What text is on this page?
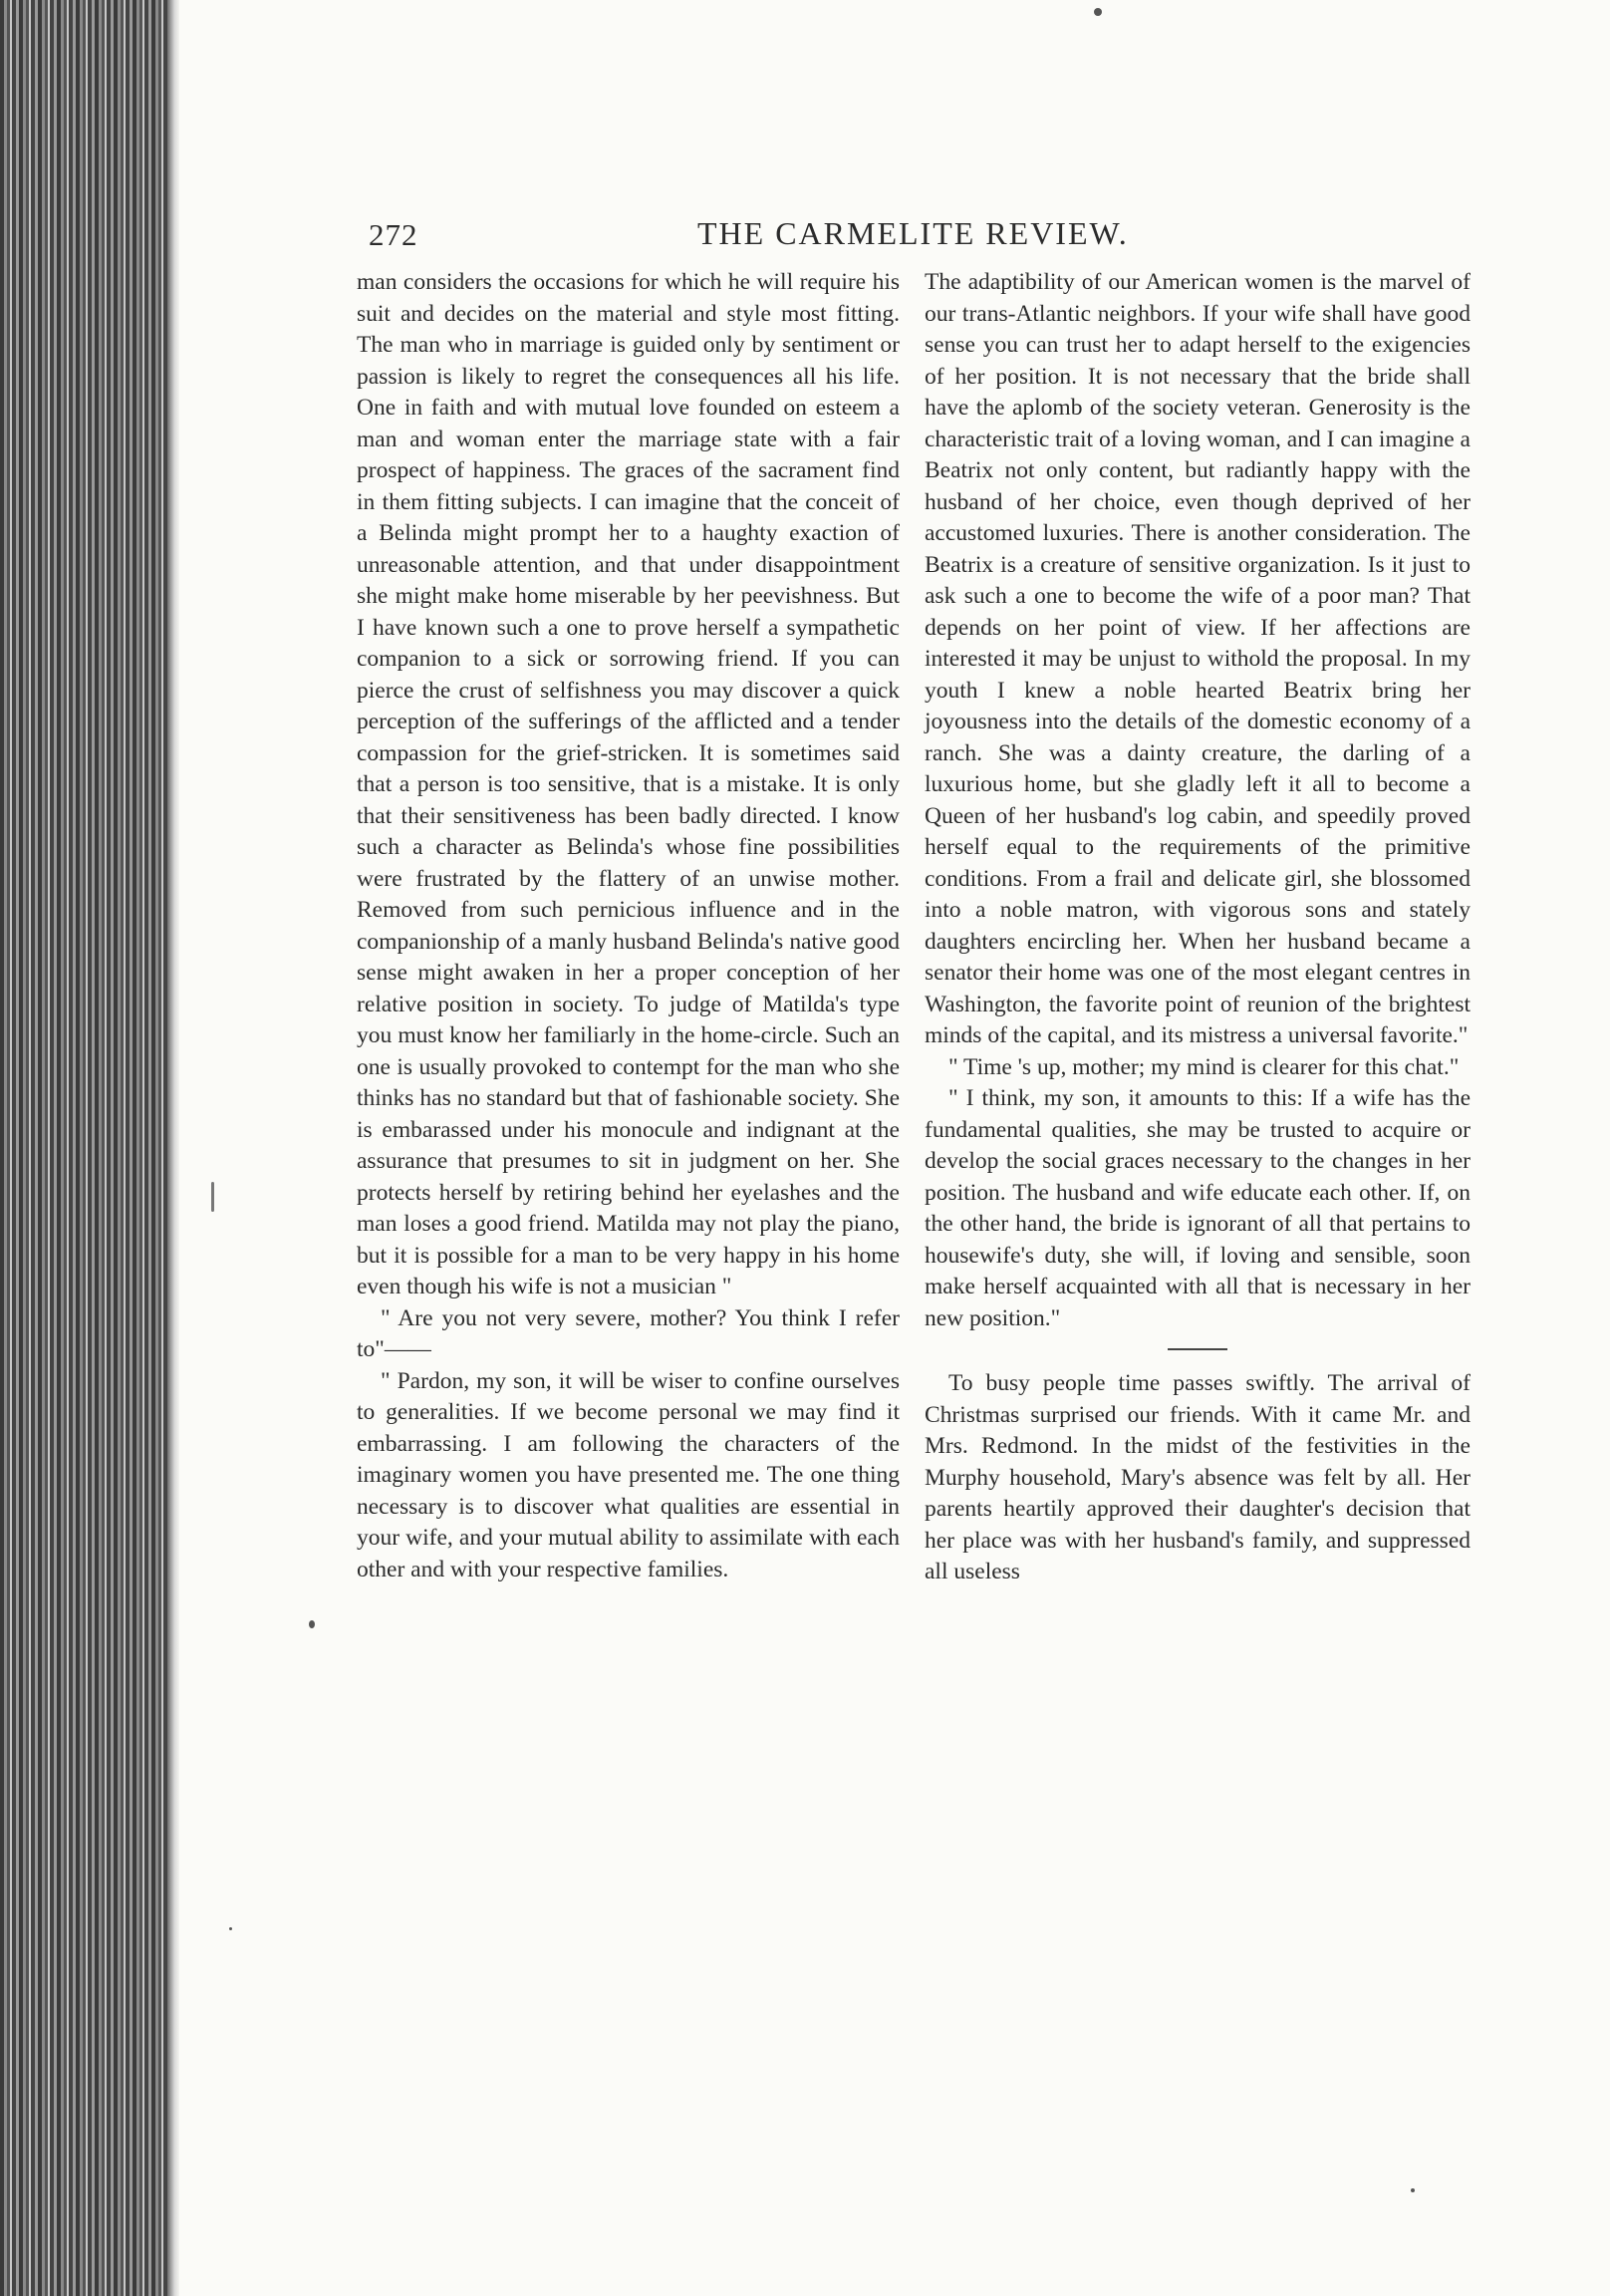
272	THE CARMELITE REVIEW.

man considers the occasions for which he will require his suit and decides on the material and style most fitting. The man who in marriage is guided only by sentiment or passion is likely to regret the consequences all his life. One in faith and with mutual love founded on esteem a man and woman enter the marriage state with a fair prospect of happiness. The graces of the sacrament find in them fitting subjects. I can imagine that the conceit of a Belinda might prompt her to a haughty exaction of unreasonable attention, and that under disappointment she might make home miserable by her peevishness. But I have known such a one to prove herself a sympathetic companion to a sick or sorrowing friend. If you can pierce the crust of selfishness you may discover a quick perception of the sufferings of the afflicted and a tender compassion for the grief-stricken. It is sometimes said that a person is too sensitive, that is a mistake. It is only that their sensitiveness has been badly directed. I know such a character as Belinda's whose fine possibilities were frustrated by the flattery of an unwise mother. Removed from such pernicious influence and in the companionship of a manly husband Belinda's native good sense might awaken in her a proper conception of her relative position in society. To judge of Matilda's type you must know her familiarly in the home-circle. Such an one is usually provoked to contempt for the man who she thinks has no standard but that of fashionable society. She is embarassed under his monocule and indignant at the assurance that presumes to sit in judgment on her. She protects herself by retiring behind her eyelashes and the man loses a good friend. Matilda may not play the piano, but it is possible for a man to be very happy in his home even though his wife is not a musician "

" Are you not very severe, mother? You think I refer to"——

" Pardon, my son, it will be wiser to confine ourselves to generalities. If we become personal we may find it embarrassing. I am following the characters of the imaginary women you have presented me. The one thing necessary is to discover what qualities are essential in your wife, and your mutual ability to assimilate with each other and with your respective families.

The adaptibility of our American women is the marvel of our trans-Atlantic neighbors. If your wife shall have good sense you can trust her to adapt herself to the exigencies of her position. It is not necessary that the bride shall have the aplomb of the society veteran. Generosity is the characteristic trait of a loving woman, and I can imagine a Beatrix not only content, but radiantly happy with the husband of her choice, even though deprived of her accustomed luxuries. There is another consideration. The Beatrix is a creature of sensitive organization. Is it just to ask such a one to become the wife of a poor man? That depends on her point of view. If her affections are interested it may be unjust to withold the proposal. In my youth I knew a noble hearted Beatrix bring her joyousness into the details of the domestic economy of a ranch. She was a dainty creature, the darling of a luxurious home, but she gladly left it all to become a Queen of her husband's log cabin, and speedily proved herself equal to the requirements of the primitive conditions. From a frail and delicate girl, she blossomed into a noble matron, with vigorous sons and stately daughters encircling her. When her husband became a senator their home was one of the most elegant centres in Washington, the favorite point of reunion of the brightest minds of the capital, and its mistress a universal favorite."

" Time 's up, mother; my mind is clearer for this chat."

" I think, my son, it amounts to this: If a wife has the fundamental qualities, she may be trusted to acquire or develop the social graces necessary to the changes in her position. The husband and wife educate each other. If, on the other hand, the bride is ignorant of all that pertains to housewife's duty, she will, if loving and sensible, soon make herself acquainted with all that is necessary in her new position."

To busy people time passes swiftly. The arrival of Christmas surprised our friends. With it came Mr. and Mrs. Redmond. In the midst of the festivities in the Murphy household, Mary's absence was felt by all. Her parents heartily approved their daughter's decision that her place was with her husband's family, and suppressed all useless
